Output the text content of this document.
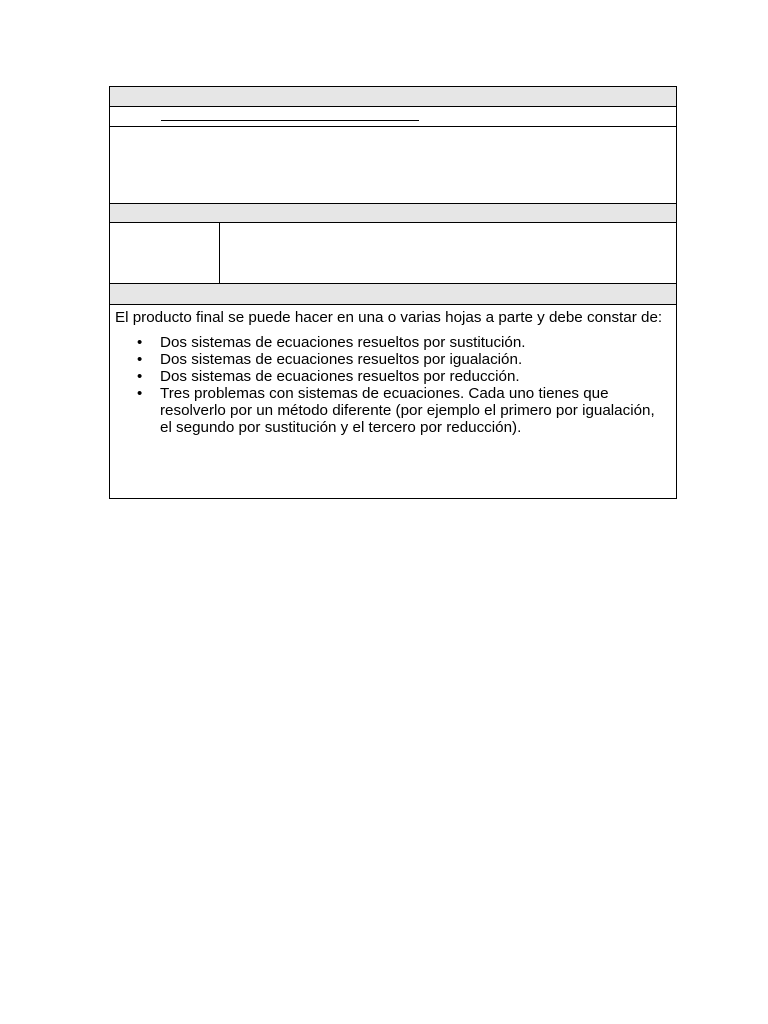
El producto final se puede hacer en una o varias hojas a parte y debe constar de:
• Dos sistemas de ecuaciones resueltos por sustitución.
• Dos sistemas de ecuaciones resueltos por igualación.
• Dos sistemas de ecuaciones resueltos por reducción.
• Tres problemas con sistemas de ecuaciones. Cada uno tienes que resolverlo por un método diferente (por ejemplo el primero por igualación, el segundo por sustitución y el tercero por reducción).
